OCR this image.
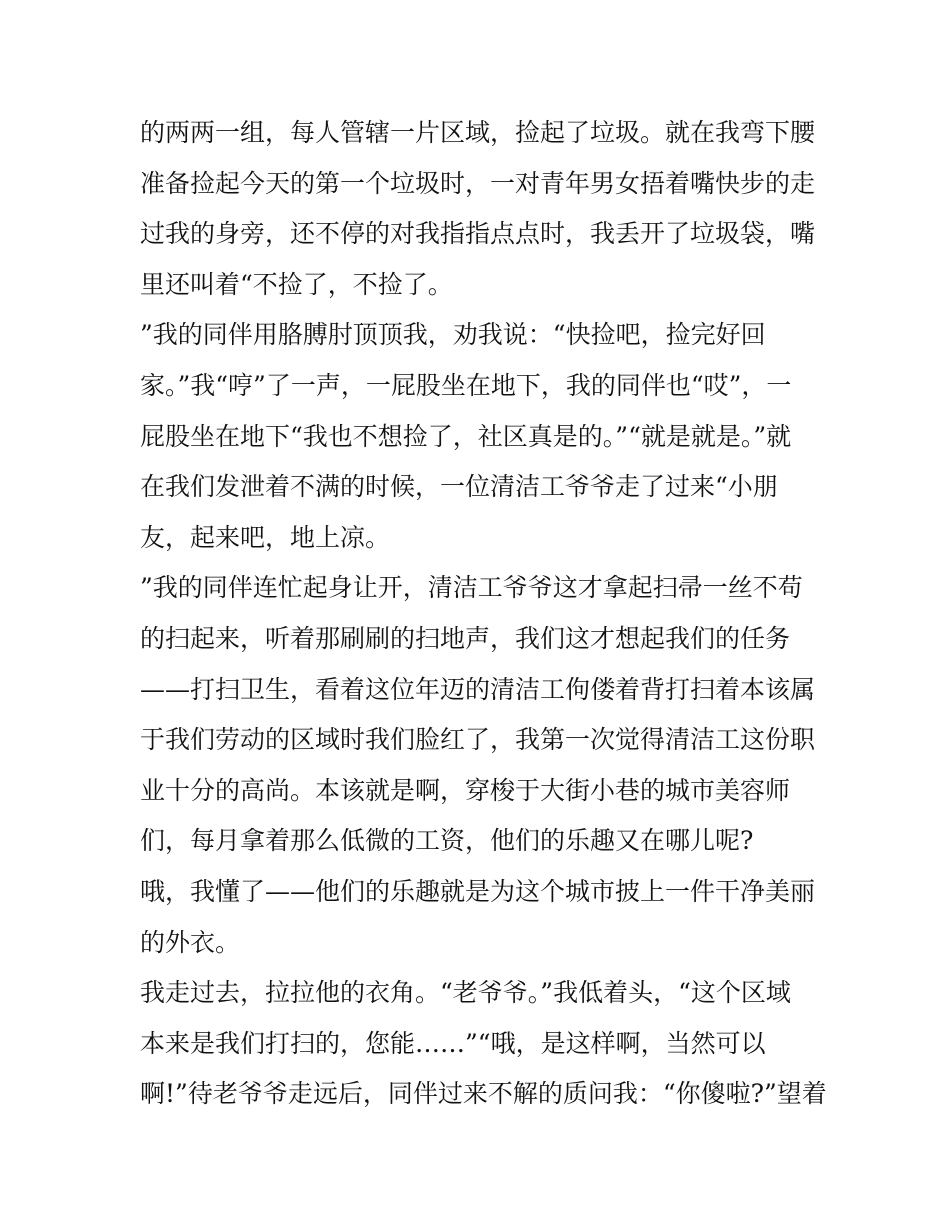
的两两一组，每人管辖一片区域，捡起了垃圾。就在我弯下腰
准备捡起今天的第一个垃圾时，一对青年男女捂着嘴快步的走
过我的身旁，还不停的对我指指点点时，我丢开了垃圾袋，嘴
里还叫着“不捡了，不捡了。
”我的同伴用胳膊肘顶顶我，劝我说：“快捡吧，捡完好回
家。”我“哼”了一声，一屁股坐在地下，我的同伴也“哎”，一
屁股坐在地下“我也不想捡了，社区真是的。”“就是就是。”就
在我们发泄着不满的时候，一位清洁工爷爷走了过来“小朋
友，起来吧，地上凉。
”我的同伴连忙起身让开，清洁工爷爷这才拿起扫帚一丝不苟
的扫起来，听着那刷刷的扫地声，我们这才想起我们的任务
——打扫卫生，看着这位年迈的清洁工佝偻着背打扫着本该属
于我们劳动的区域时我们脸红了，我第一次觉得清洁工这份职
业十分的高尚。本该就是啊，穿梭于大街小巷的城市美容师
们，每月拿着那么低微的工资，他们的乐趣又在哪儿呢?
哦，我懂了——他们的乐趣就是为这个城市披上一件干净美丽
的外衣。
我走过去，拉拉他的衣角。“老爷爷。”我低着头，“这个区域
本来是我们打扫的，您能……”“哦，是这样啊，当然可以
啊!”待老爷爷走远后，同伴过来不解的质问我：“你傻啦?”望着
